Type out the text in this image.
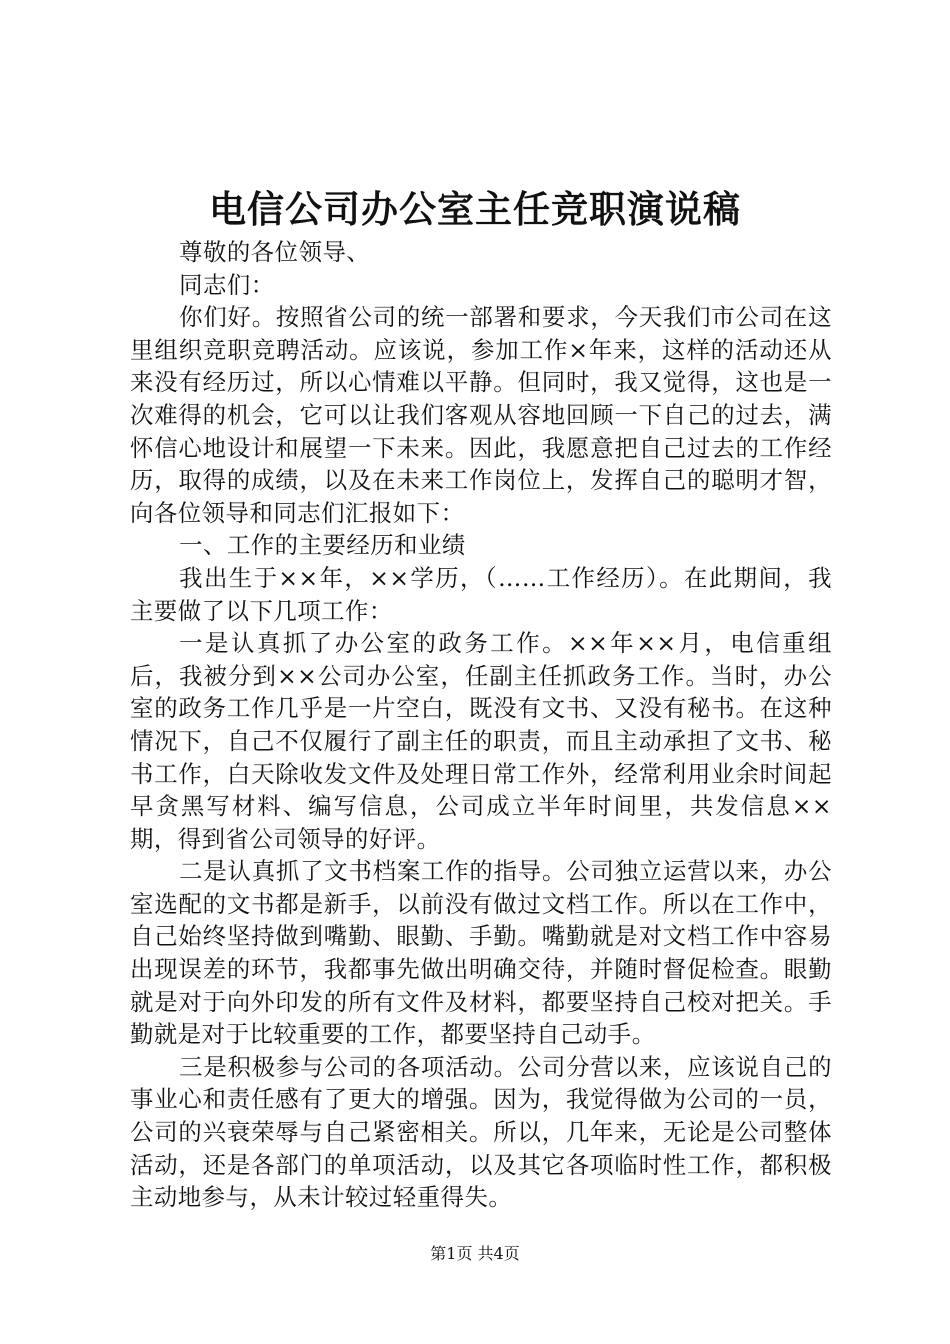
电信公司办公室主任竞职演说稿

尊敬的各位领导、

同志们：

你们好。按照省公司的统一部署和要求，今天我们市公司在这里组织竞职竞聘活动。应该说，参加工作×年来，这样的活动还从来没有经历过，所以心情难以平静。但同时，我又觉得，这也是一次难得的机会，它可以让我们客观从容地回顾一下自己的过去，满怀信心地设计和展望一下未来。因此，我愿意把自己过去的工作经历，取得的成绩，以及在未来工作岗位上，发挥自己的聪明才智，向各位领导和同志们汇报如下：

一、工作的主要经历和业绩

我出生于××年，××学历，（……工作经历）。在此期间，我主要做了以下几项工作：

一是认真抓了办公室的政务工作。××年××月，电信重组后，我被分到××公司办公室，任副主任抓政务工作。当时，办公室的政务工作几乎是一片空白，既没有文书、又没有秘书。在这种情况下，自己不仅履行了副主任的职责，而且主动承担了文书、秘书工作，白天除收发文件及处理日常工作外，经常利用业余时间起早贪黑写材料、编写信息，公司成立半年时间里，共发信息××期，得到省公司领导的好评。

二是认真抓了文书档案工作的指导。公司独立运营以来，办公室选配的文书都是新手，以前没有做过文档工作。所以在工作中，自己始终坚持做到嘴勤、眼勤、手勤。嘴勤就是对文档工作中容易出现误差的环节，我都事先做出明确交待，并随时督促检查。眼勤就是对于向外印发的所有文件及材料，都要坚持自己校对把关。手勤就是对于比较重要的工作，都要坚持自己动手。

三是积极参与公司的各项活动。公司分营以来，应该说自己的事业心和责任感有了更大的增强。因为，我觉得做为公司的一员，公司的兴衰荣辱与自己紧密相关。所以，几年来，无论是公司整体活动，还是各部门的单项活动，以及其它各项临时性工作，都积极主动地参与，从未计较过轻重得失。

第1页 共4页
